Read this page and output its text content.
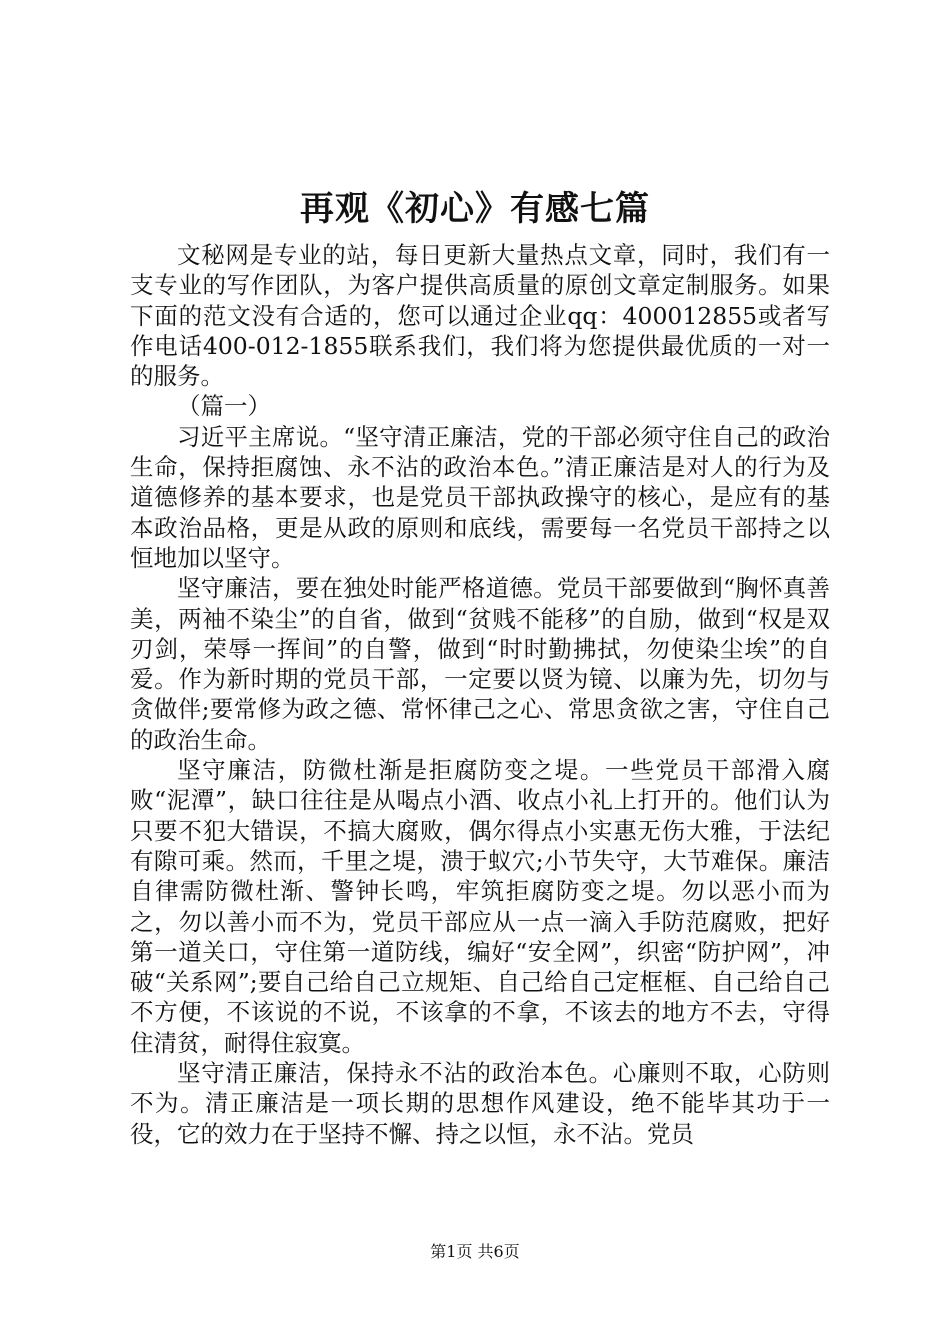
再观《初心》有感七篇

文秘网是专业的站，每日更新大量热点文章，同时，我们有一支专业的写作团队，为客户提供高质量的原创文章定制服务。如果下面的范文没有合适的，您可以通过企业qq：400012855或者写作电话400-012-1855联系我们，我们将为您提供最优质的一对一的服务。

（篇一）

习近平主席说。“坚守清正廉洁，党的干部必须守住自己的政治生命，保持拒腐蚀、永不沾的政治本色。”清正廉洁是对人的行为及道德修养的基本要求，也是党员干部执政操守的核心，是应有的基本政治品格，更是从政的原则和底线，需要每一名党员干部持之以恒地加以坚守。

坚守廉洁，要在独处时能严格道德。党员干部要做到“胸怀真善美，两袖不染尘”的自省，做到“贫贱不能移”的自励，做到“权是双刃剑，荣辱一挥间”的自警，做到“时时勤拂拭，勿使染尘埃”的自爱。作为新时期的党员干部，一定要以贤为镜、以廉为先，切勿与贪做伴;要常修为政之德、常怀律己之心、常思贪欲之害，守住自己的政治生命。

坚守廉洁，防微杜渐是拒腐防变之堤。一些党员干部滑入腐败“泥潭”，缺口往往是从喝点小酒、收点小礼上打开的。他们认为只要不犯大错误，不搞大腐败，偶尔得点小实惠无伤大雅，于法纪有隙可乘。然而，千里之堤，溃于蚁穴;小节失守，大节难保。廉洁自律需防微杜渐、警钟长鸣，牢筑拒腐防变之堤。勿以恶小而为之，勿以善小而不为，党员干部应从一点一滴入手防范腐败，把好第一道关口，守住第一道防线，编好“安全网”，织密“防护网”，冲破“关系网”;要自己给自己立规矩、自己给自己定框框、自己给自己不方便，不该说的不说，不该拿的不拿，不该去的地方不去，守得住清贫，耐得住寂寞。

坚守清正廉洁，保持永不沾的政治本色。心廉则不取，心防则不为。清正廉洁是一项长期的思想作风建设，绝不能毕其功于一役，它的效力在于坚持不懈、持之以恒，永不沾。党员

第1页 共6页
